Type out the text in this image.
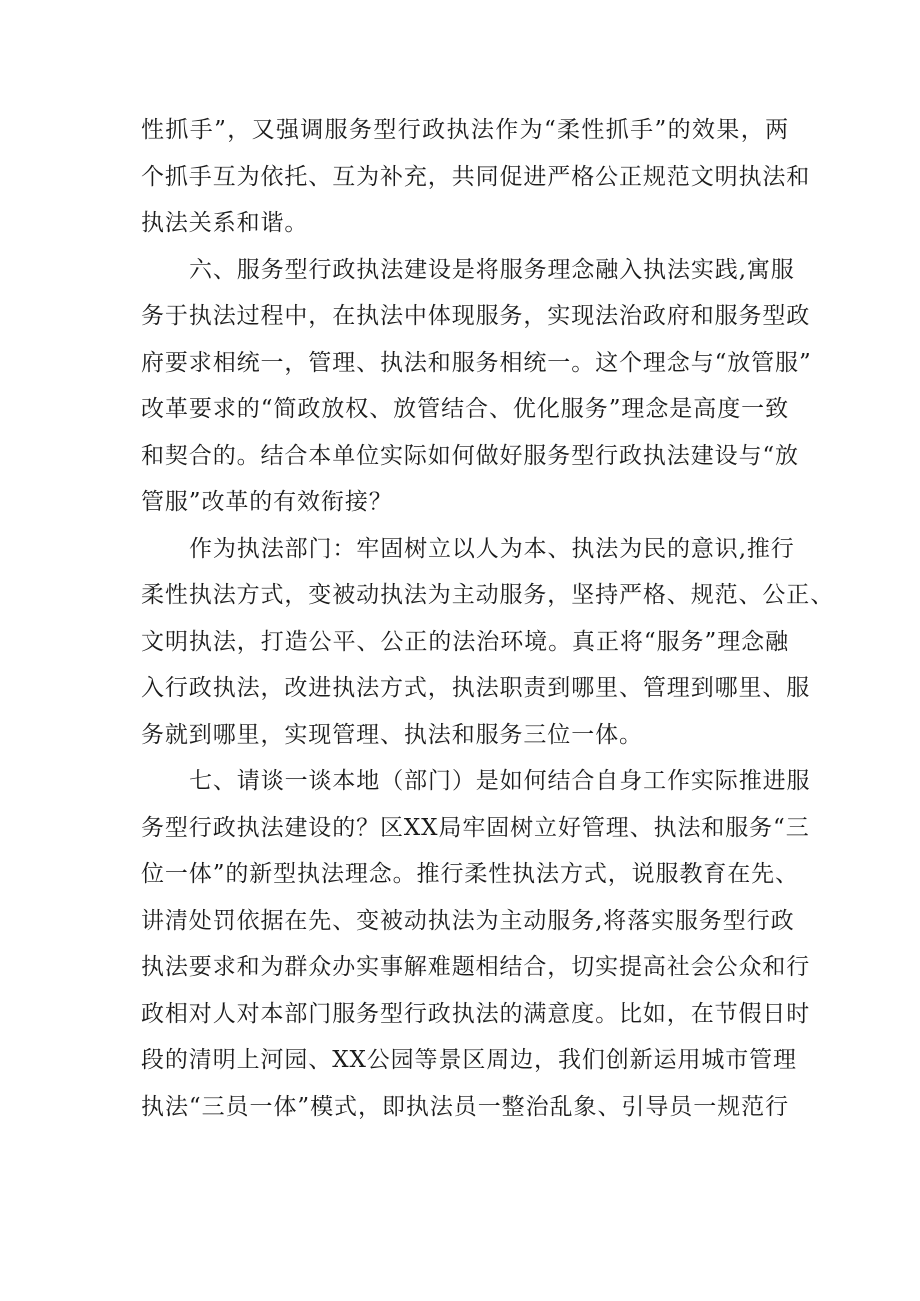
性抓手”，又强调服务型行政执法作为“柔性抓手”的效果，两
个抓手互为依托、互为补充，共同促进严格公正规范文明执法和
执法关系和谐。
六、服务型行政执法建设是将服务理念融入执法实践,寓服
务于执法过程中，在执法中体现服务，实现法治政府和服务型政
府要求相统一，管理、执法和服务相统一。这个理念与“放管服”
改革要求的“简政放权、放管结合、优化服务”理念是高度一致
和契合的。结合本单位实际如何做好服务型行政执法建设与“放
管服”改革的有效衔接？
作为执法部门：牢固树立以人为本、执法为民的意识,推行
柔性执法方式，变被动执法为主动服务，坚持严格、规范、公正、
文明执法，打造公平、公正的法治环境。真正将“服务”理念融
入行政执法，改进执法方式，执法职责到哪里、管理到哪里、服
务就到哪里，实现管理、执法和服务三位一体。
七、请谈一谈本地（部门）是如何结合自身工作实际推进服
务型行政执法建设的？区XX局牢固树立好管理、执法和服务“三
位一体”的新型执法理念。推行柔性执法方式，说服教育在先、
讲清处罚依据在先、变被动执法为主动服务,将落实服务型行政
执法要求和为群众办实事解难题相结合，切实提高社会公众和行
政相对人对本部门服务型行政执法的满意度。比如，在节假日时
段的清明上河园、XX公园等景区周边，我们创新运用城市管理
执法“三员一体”模式，即执法员一整治乱象、引导员一规范行
